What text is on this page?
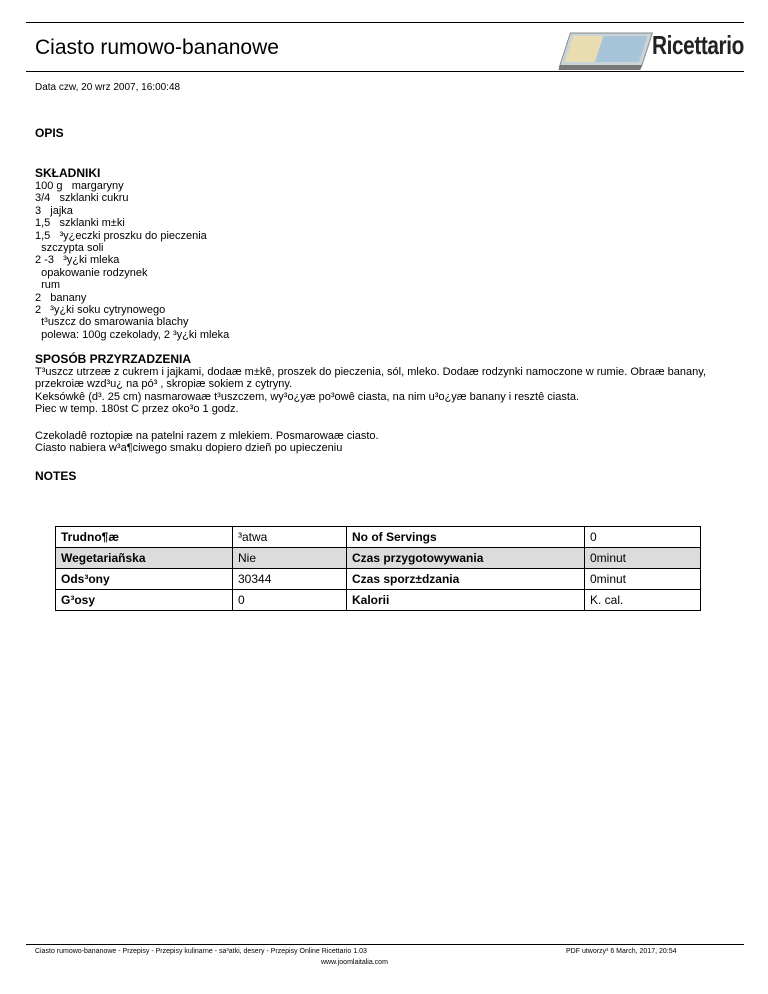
Ciasto rumowo-bananowe	Ricettario
Data czw, 20 wrz 2007, 16:00:48
OPIS
SKŁADNIKI
100 g   margaryny
3/4   szklanki cukru
3   jajka
1,5   szklanki m±ki
1,5   ³y¿eczki proszku do pieczenia
szczypta soli
2 -3   ³y¿ki mleka
opakowanie rodzynek
rum
2   banany
2   ³y¿ki soku cytrynowego
t³uszcz do smarowania blachy
polewa: 100g czekolady, 2 ³y¿ki mleka
SPOSÓB PRZYRZADZENIA

T³uszcz utrzeæ z cukrem i jajkami, dodaæ m±kê, proszek do pieczenia, sól, mleko. Dodaæ rodzynki namoczone w rumie. Obraæ banany, przekroiæ wzd³u¿ na pó³ , skropiæ sokiem z cytryny.
Keksówkê (d³. 25 cm) nasmarowaæ t³uszczem, wy³o¿yæ po³owê ciasta, na nim u³o¿yæ banany i resztê ciasta.
Piec w temp. 180st C przez oko³o 1 godz.

Czekoladê roztopiæ na patelni razem z mlekiem. Posmarowaæ ciasto.
Ciasto nabiera w³a¶ciwego smaku dopiero dzieñ po upieczeniu

NOTES
Trudno¶æ	³atwa	No of Servings	0
Wegetariañska	Nie	Czas przygotowywania	0minut
Ods³ony	30344	Czas sporz±dzania	0minut
G³osy	0	Kalorii	K. cal.
Ciasto rumowo-bananowe - Przepisy - Przepisy kulinarne - sa³atki, desery - Przepisy Online Ricettario 1.03
www.joomlaitalia.com
PDF utworzy³ 6 March, 2017, 20:54
